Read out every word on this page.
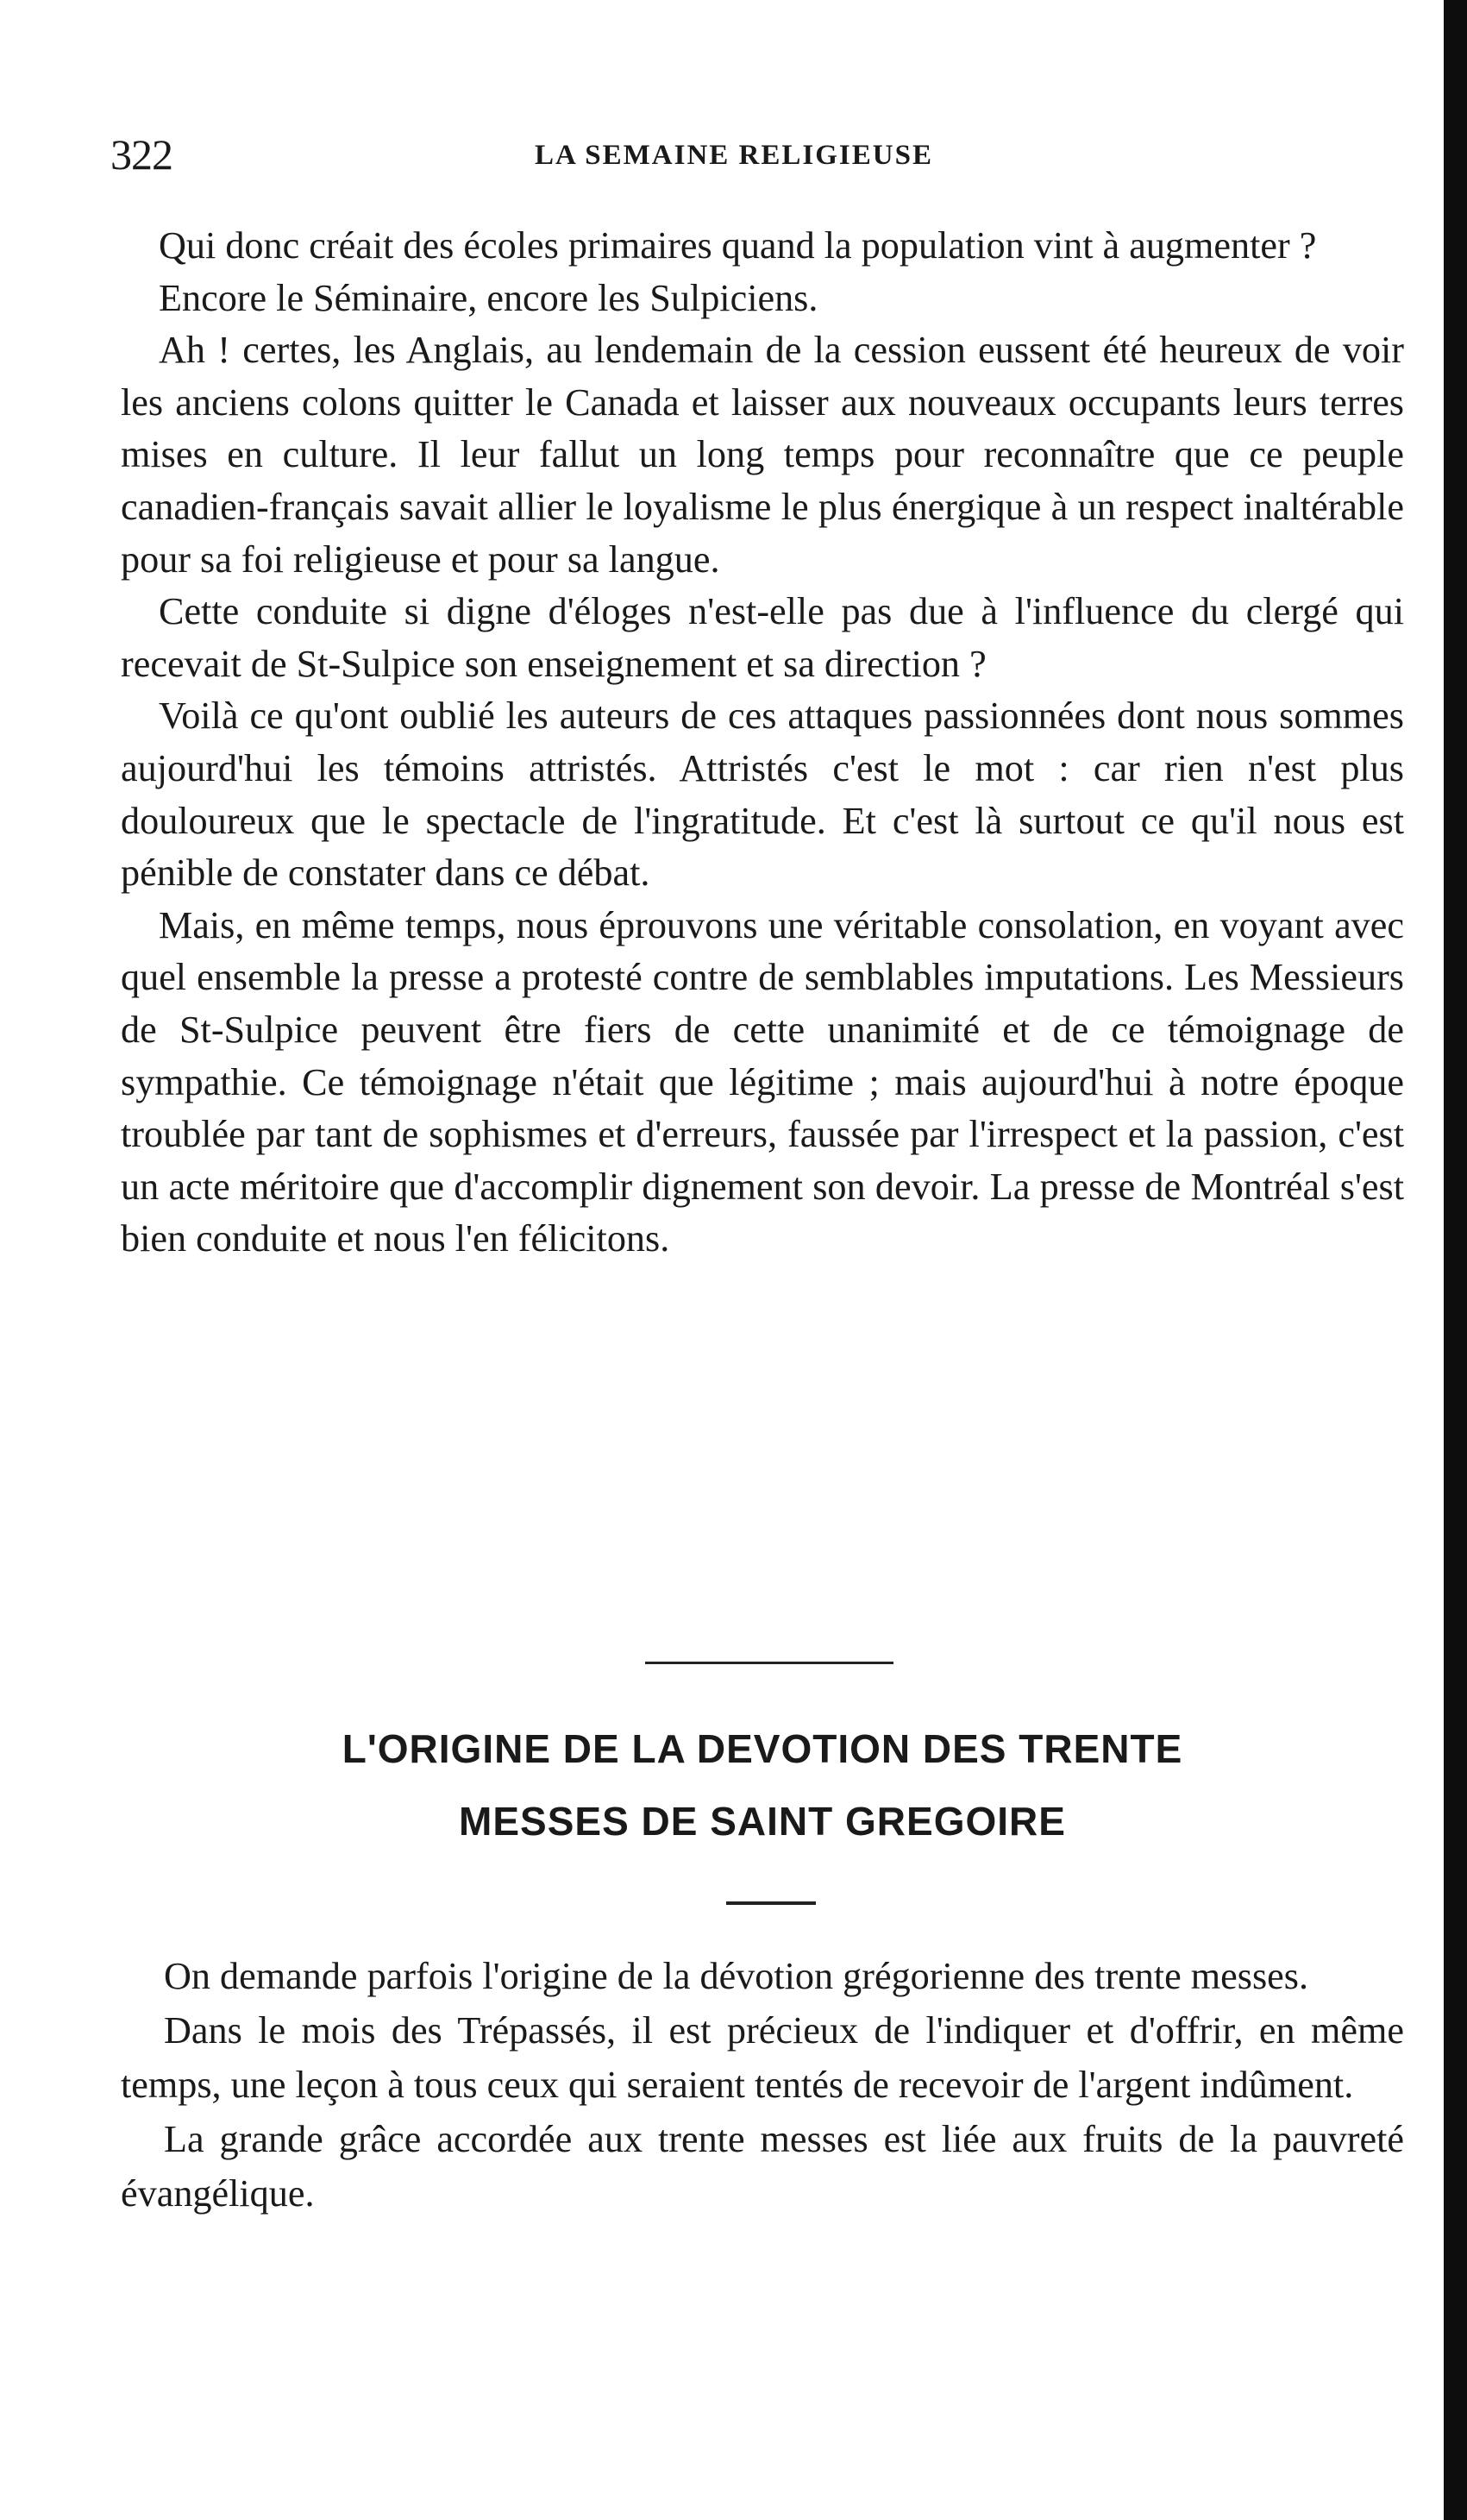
322	LA SEMAINE RELIGIEUSE

Qui donc créait des écoles primaires quand la population vint à augmenter ?

Encore le Séminaire, encore les Sulpiciens.

Ah ! certes, les Anglais, au lendemain de la cession eussent été heureux de voir les anciens colons quitter le Canada et laisser aux nouveaux occupants leurs terres mises en culture. Il leur fallut un long temps pour reconnaître que ce peuple canadien-français savait allier le loyalisme le plus énergique à un respect inaltérable pour sa foi religieuse et pour sa langue.

Cette conduite si digne d'éloges n'est-elle pas due à l'influence du clergé qui recevait de St-Sulpice son enseignement et sa direction ?

Voilà ce qu'ont oublié les auteurs de ces attaques passionnées dont nous sommes aujourd'hui les témoins attristés. Attristés c'est le mot : car rien n'est plus douloureux que le spectacle de l'ingratitude. Et c'est là surtout ce qu'il nous est pénible de constater dans ce débat.

Mais, en même temps, nous éprouvons une véritable consolation, en voyant avec quel ensemble la presse a protesté contre de semblables imputations. Les Messieurs de St-Sulpice peuvent être fiers de cette unanimité et de ce témoignage de sympathie. Ce témoignage n'était que légitime ; mais aujourd'hui à notre époque troublée par tant de sophismes et d'erreurs, faussée par l'irrespect et la passion, c'est un acte méritoire que d'accomplir dignement son devoir. La presse de Montréal s'est bien conduite et nous l'en félicitons.

L'ORIGINE DE LA DEVOTION DES TRENTE
MESSES DE SAINT GREGOIRE

On demande parfois l'origine de la dévotion grégorienne des trente messes.

Dans le mois des Trépassés, il est précieux de l'indiquer et d'offrir, en même temps, une leçon à tous ceux qui seraient tentés de recevoir de l'argent indûment.

La grande grâce accordée aux trente messes est liée aux fruits de la pauvreté évangélique.
